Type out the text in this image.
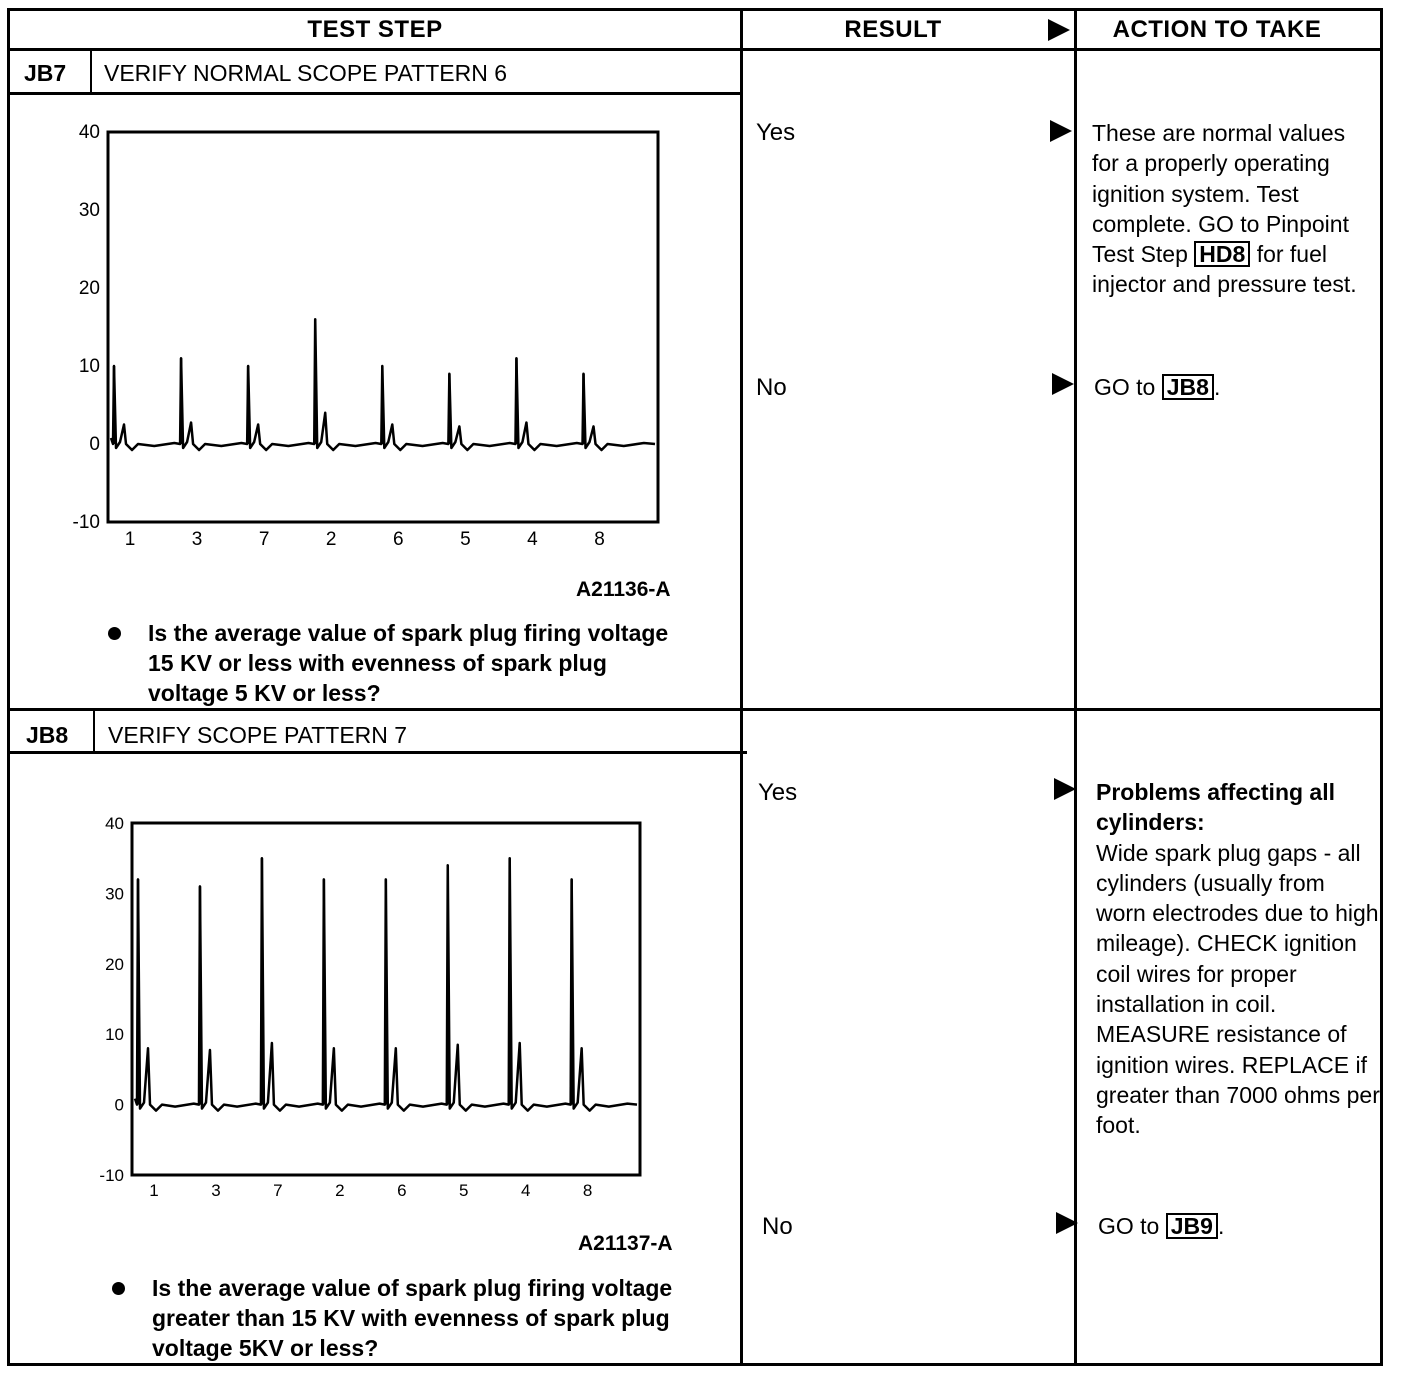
TEST STEP	RESULT	ACTION TO TAKE
JB7 VERIFY NORMAL SCOPE PATTERN 6
40
30
20
10
0
-10
1	3	7	2	6	5	4	8
A21136-A
Is the average value of spark plug firing voltage 15 KV or less with evenness of spark plug voltage 5 KV or less?
Yes	These are normal values for a properly operating ignition system. Test complete. GO to Pinpoint Test Step HD8 for fuel injector and pressure test.
No	GO to JB8 .
JB8 VERIFY SCOPE PATTERN 7
40
30
20
10
0
-10
1	3	7	2	6	5	4	8
A21137-A
Is the average value of spark plug firing voltage greater than 15 KV with evenness of spark plug voltage 5KV or less?
Yes	Problems affecting all cylinders:

Wide spark plug gaps - all cylinders (usually from worn electrodes due to high mileage). CHECK ignition coil wires for proper installation in coil. MEASURE resistance of ignition wires. REPLACE if greater than 7000 ohms per foot.

No	GO to JB9 .
